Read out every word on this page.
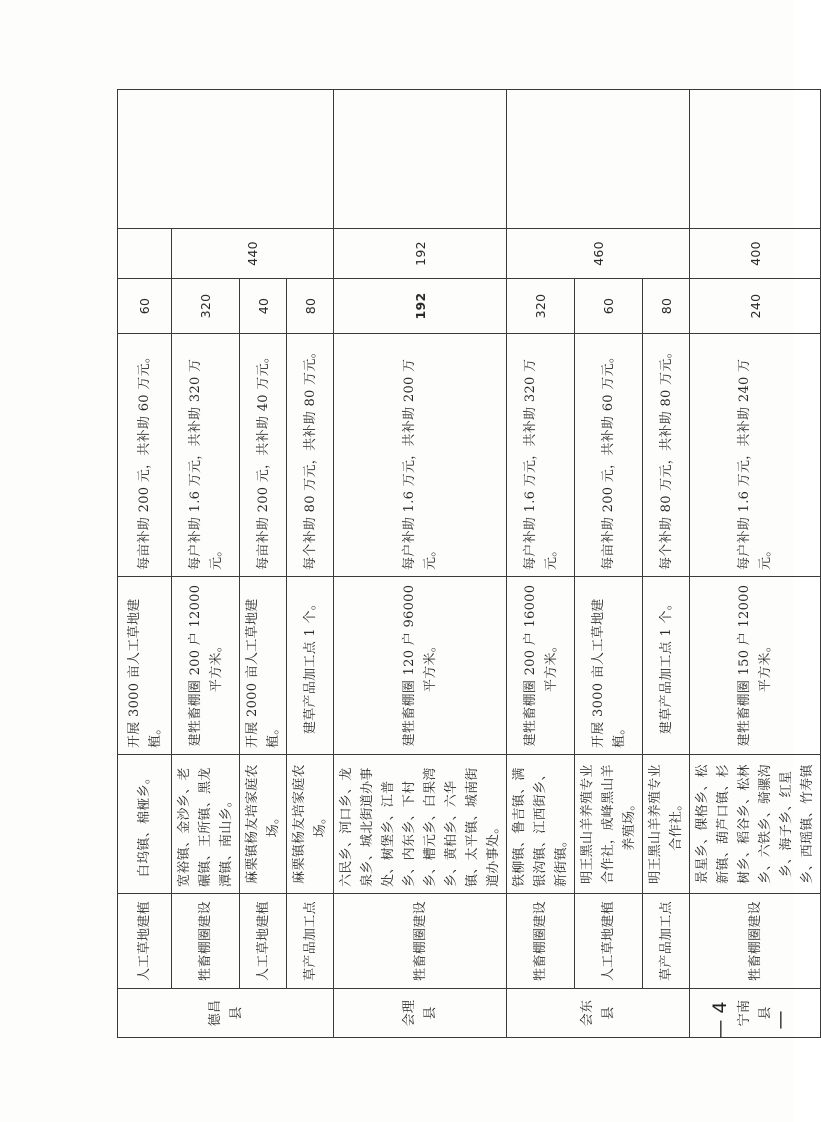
德昌县	人工草地建植	白坞镇、棉桠乡。	开展 3000 亩人工草地建植。	每亩补助 200 元，共补助 60 万元。	60		
	牲畜棚圈建设	宽裕镇、金沙乡、老碾镇、王所镇、黑龙潭镇、南山乡。	建牲畜棚圈 200 户 12000 平方米。	每户补助 1.6 万元，共补助 320 万元。	320	440	
	人工草地建植	麻栗镇杨友培家庭农场。	开展 2000 亩人工草地建植。	每亩补助 200 元，共补助 40 万元。	40		
	草产品加工点	麻栗镇杨友培家庭农场。	建草产品加工点 1 个。	每个补助 80 万元，共补助 80 万元。	80		
会理县	牲畜棚圈建设	六民乡、河口乡、龙泉乡、城北街道办事处、树堡乡、江普乡、内东乡、下村乡、槽元乡、白果湾乡、黄柏乡、六华镇、太平镇、城南街道办事处。	建牲畜棚圈 120 户 96000 平方米。	每户补助 1.6 万元，共补助 200 万元。	192	192	
会东县	牲畜棚圈建设	铁柳镇、鲁吉镇、满银沟镇、江西街乡、新街镇。	建牲畜棚圈 200 户 16000 平方米。	每户补助 1.6 万元，共补助 320 万元。	320	460	
	人工草地建植	明王黑山羊养殖专业合作社，成峰黑山羊养殖场。	开展 3000 亩人工草地建植。	每亩补助 200 元，共补助 60 万元。	60		
	草产品加工点	明王黑山羊养殖专业合作社。	建草产品加工点 1 个。	每个补助 80 万元，共补助 80 万元。	80		
宁南县	牲畜棚圈建设	景星乡、倮格乡、松新镇、葫芦口镇、杉树乡、稻谷乡、松林乡、六铁乡、骑骡沟乡、海子乡、红星乡、西瑶镇、竹寿镇	建牲畜棚圈 150 户 12000 平方米。	每户补助 1.6 万元，共补助 240 万元。	240	400	
— 4 —
